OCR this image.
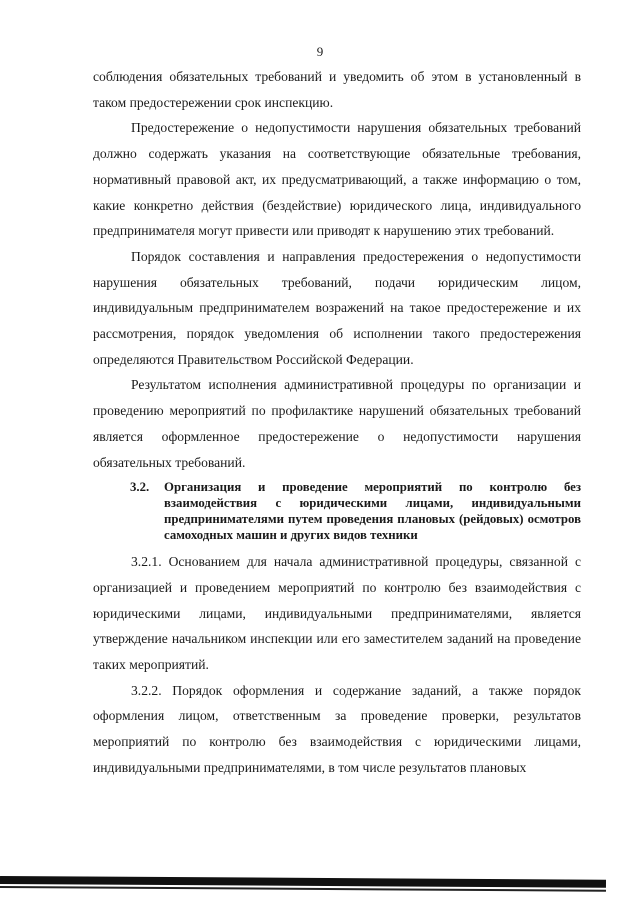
9

соблюдения обязательных требований и уведомить об этом в установленный в таком предостережении срок инспекцию.

Предостережение о недопустимости нарушения обязательных требований должно содержать указания на соответствующие обязательные требования, нормативный правовой акт, их предусматривающий, а также информацию о том, какие конкретно действия (бездействие) юридического лица, индивидуального предпринимателя могут привести или приводят к нарушению этих требований.

Порядок составления и направления предостережения о недопустимости нарушения обязательных требований, подачи юридическим лицом, индивидуальным предпринимателем возражений на такое предостережение и их рассмотрения, порядок уведомления об исполнении такого предостережения определяются Правительством Российской Федерации.

Результатом исполнения административной процедуры по организации и проведению мероприятий по профилактике нарушений обязательных требований является оформленное предостережение о недопустимости нарушения обязательных требований.

3.2.	Организация и проведение мероприятий по контролю без взаимодействия с юридическими лицами, индивидуальными предпринимателями путем проведения плановых (рейдовых) осмотров самоходных машин и других видов техники

3.2.1. Основанием для начала административной процедуры, связанной с организацией и проведением мероприятий по контролю без взаимодействия с юридическими лицами, индивидуальными предпринимателями, является утверждение начальником инспекции или его заместителем заданий на проведение таких мероприятий.

3.2.2. Порядок оформления и содержание заданий, а также порядок оформления лицом, ответственным за проведение проверки, результатов мероприятий по контролю без взаимодействия с юридическими лицами, индивидуальными предпринимателями, в том числе результатов плановых
